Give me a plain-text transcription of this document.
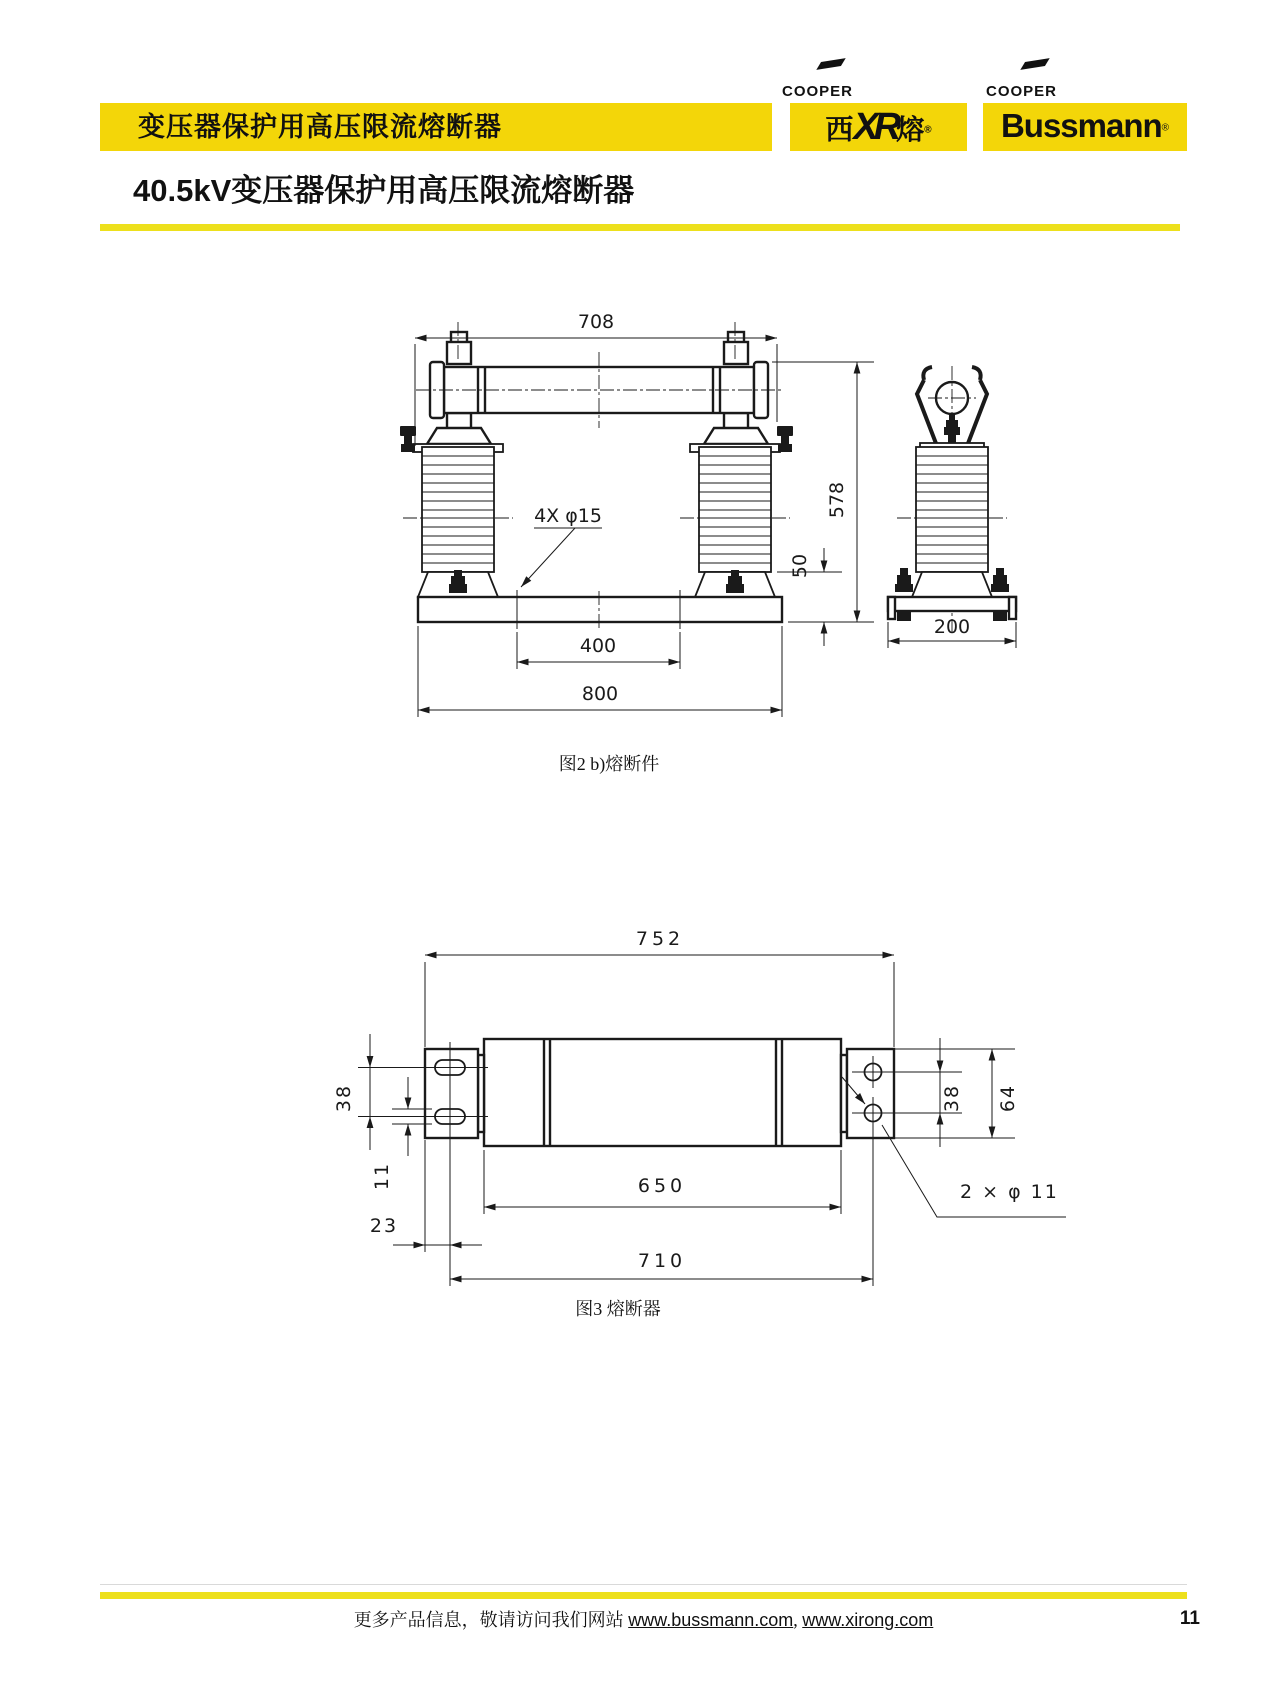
变压器保护用高压限流熔断器
COOPER
西XR熔®
COOPER
Bussmann®
40.5kV变压器保护用高压限流熔断器
708
4X φ15	578
50
400
800
200
图2 b)熔断件
752
38
11
23
650
710
38 64
2 × φ 11
图3 熔断器
更多产品信息，敬请访问我们网站 www.bussmann.com, www.xirong.com	11
